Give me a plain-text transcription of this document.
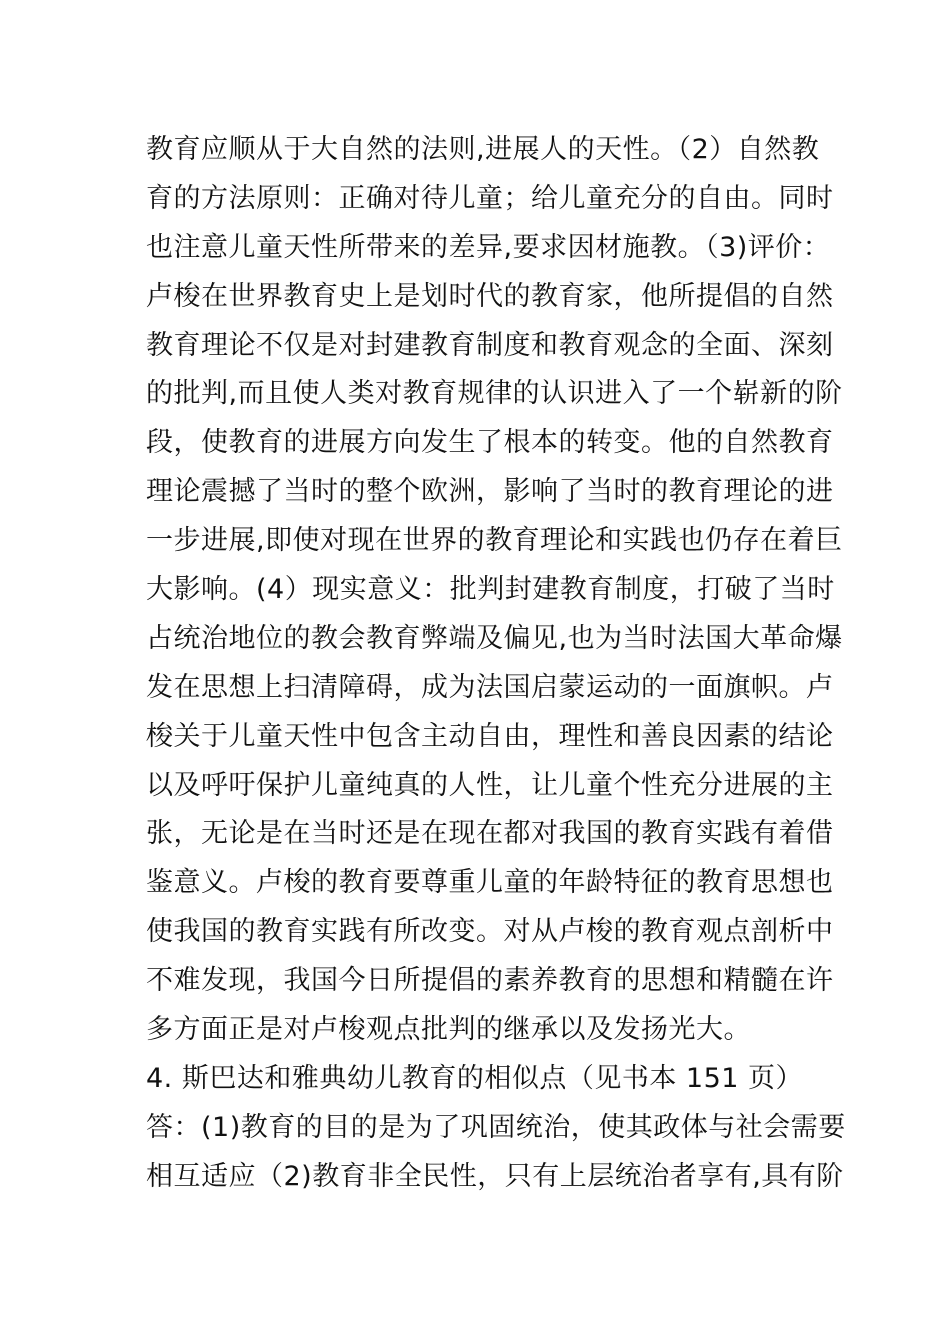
教育应顺从于大自然的法则,进展人的天性。（2）自然教
育的方法原则：正确对待儿童；给儿童充分的自由。同时
也注意儿童天性所带来的差异,要求因材施教。（3)评价：
卢梭在世界教育史上是划时代的教育家，他所提倡的自然
教育理论不仅是对封建教育制度和教育观念的全面、深刻
的批判,而且使人类对教育规律的认识进入了一个崭新的阶
段，使教育的进展方向发生了根本的转变。他的自然教育
理论震撼了当时的整个欧洲，影响了当时的教育理论的进
一步进展,即使对现在世界的教育理论和实践也仍存在着巨
大影响。(4）现实意义：批判封建教育制度，打破了当时
占统治地位的教会教育弊端及偏见,也为当时法国大革命爆
发在思想上扫清障碍，成为法国启蒙运动的一面旗帜。卢
梭关于儿童天性中包含主动自由，理性和善良因素的结论
以及呼吁保护儿童纯真的人性，让儿童个性充分进展的主
张，无论是在当时还是在现在都对我国的教育实践有着借
鉴意义。卢梭的教育要尊重儿童的年龄特征的教育思想也
使我国的教育实践有所改变。对从卢梭的教育观点剖析中
不难发现，我国今日所提倡的素养教育的思想和精髓在许
多方面正是对卢梭观点批判的继承以及发扬光大。
4. 斯巴达和雅典幼儿教育的相似点（见书本 151 页）
答：(1)教育的目的是为了巩固统治，使其政体与社会需要
相互适应（2)教育非全民性，只有上层统治者享有,具有阶
